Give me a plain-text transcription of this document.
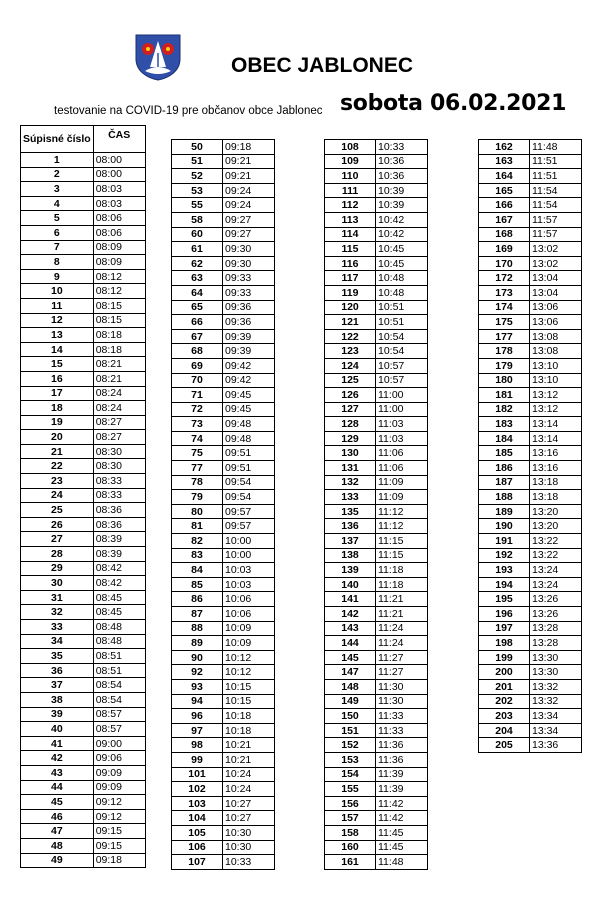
OBEC JABLONEC
testovanie na COVID-19 pre občanov obce Jablonec sobota 06.02.2021
Súpisné číslo	ČAS
1	08:00
2	08:00
3	08:03
4	08:03
5	08:06
6	08:06
7	08:09
8	08:09
9	08:12
10	08:12
11	08:15
12	08:15
13	08:18
14	08:18
15	08:21
16	08:21
17	08:24
18	08:24
19	08:27
20	08:27
21	08:30
22	08:30
23	08:33
24	08:33
25	08:36
26	08:36
27	08:39
28	08:39
29	08:42
30	08:42
31	08:45
32	08:45
33	08:48
34	08:48
35	08:51
36	08:51
37	08:54
38	08:54
39	08:57
40	08:57
41	09:00
42	09:06
43	09:09
44	09:09
45	09:12
46	09:12
47	09:15
48	09:15
49	09:18

50	09:18
51	09:21
52	09:21
53	09:24
55	09:24
58	09:27
60	09:27
61	09:30
62	09:30
63	09:33
64	09:33
65	09:36
66	09:36
67	09:39
68	09:39
69	09:42
70	09:42
71	09:45
72	09:45
73	09:48
74	09:48
75	09:51
77	09:51
78	09:54
79	09:54
80	09:57
81	09:57
82	10:00
83	10:00
84	10:03
85	10:03
86	10:06
87	10:06
88	10:09
89	10:09
90	10:12
92	10:12
93	10:15
94	10:15
96	10:18
97	10:18
98	10:21
99	10:21
101	10:24
102	10:24
103	10:27
104	10:27
105	10:30
106	10:30
107	10:33

108	10:33
109	10:36
110	10:36
111	10:39
112	10:39
113	10:42
114	10:42
115	10:45
116	10:45
117	10:48
119	10:48
120	10:51
121	10:51
122	10:54
123	10:54
124	10:57
125	10:57
126	11:00
127	11:00
128	11:03
129	11:03
130	11:06
131	11:06
132	11:09
133	11:09
135	11:12
136	11:12
137	11:15
138	11:15
139	11:18
140	11:18
141	11:21
142	11:21
143	11:24
144	11:24
145	11:27
147	11:27
148	11:30
149	11:30
150	11:33
151	11:33
152	11:36
153	11:36
154	11:39
155	11:39
156	11:42
157	11:42
158	11:45
160	11:45
161	11:48

162	11:48
163	11:51
164	11:51
165	11:54
166	11:54
167	11:57
168	11:57
169	13:02
170	13:02
172	13:04
173	13:04
174	13:06
175	13:06
177	13:08
178	13:08
179	13:10
180	13:10
181	13:12
182	13:12
183	13:14
184	13:14
185	13:16
186	13:16
187	13:18
188	13:18
189	13:20
190	13:20
191	13:22
192	13:22
193	13:24
194	13:24
195	13:26
196	13:26
197	13:28
198	13:28
199	13:30
200	13:30
201	13:32
202	13:32
203	13:34
204	13:34
205	13:36
